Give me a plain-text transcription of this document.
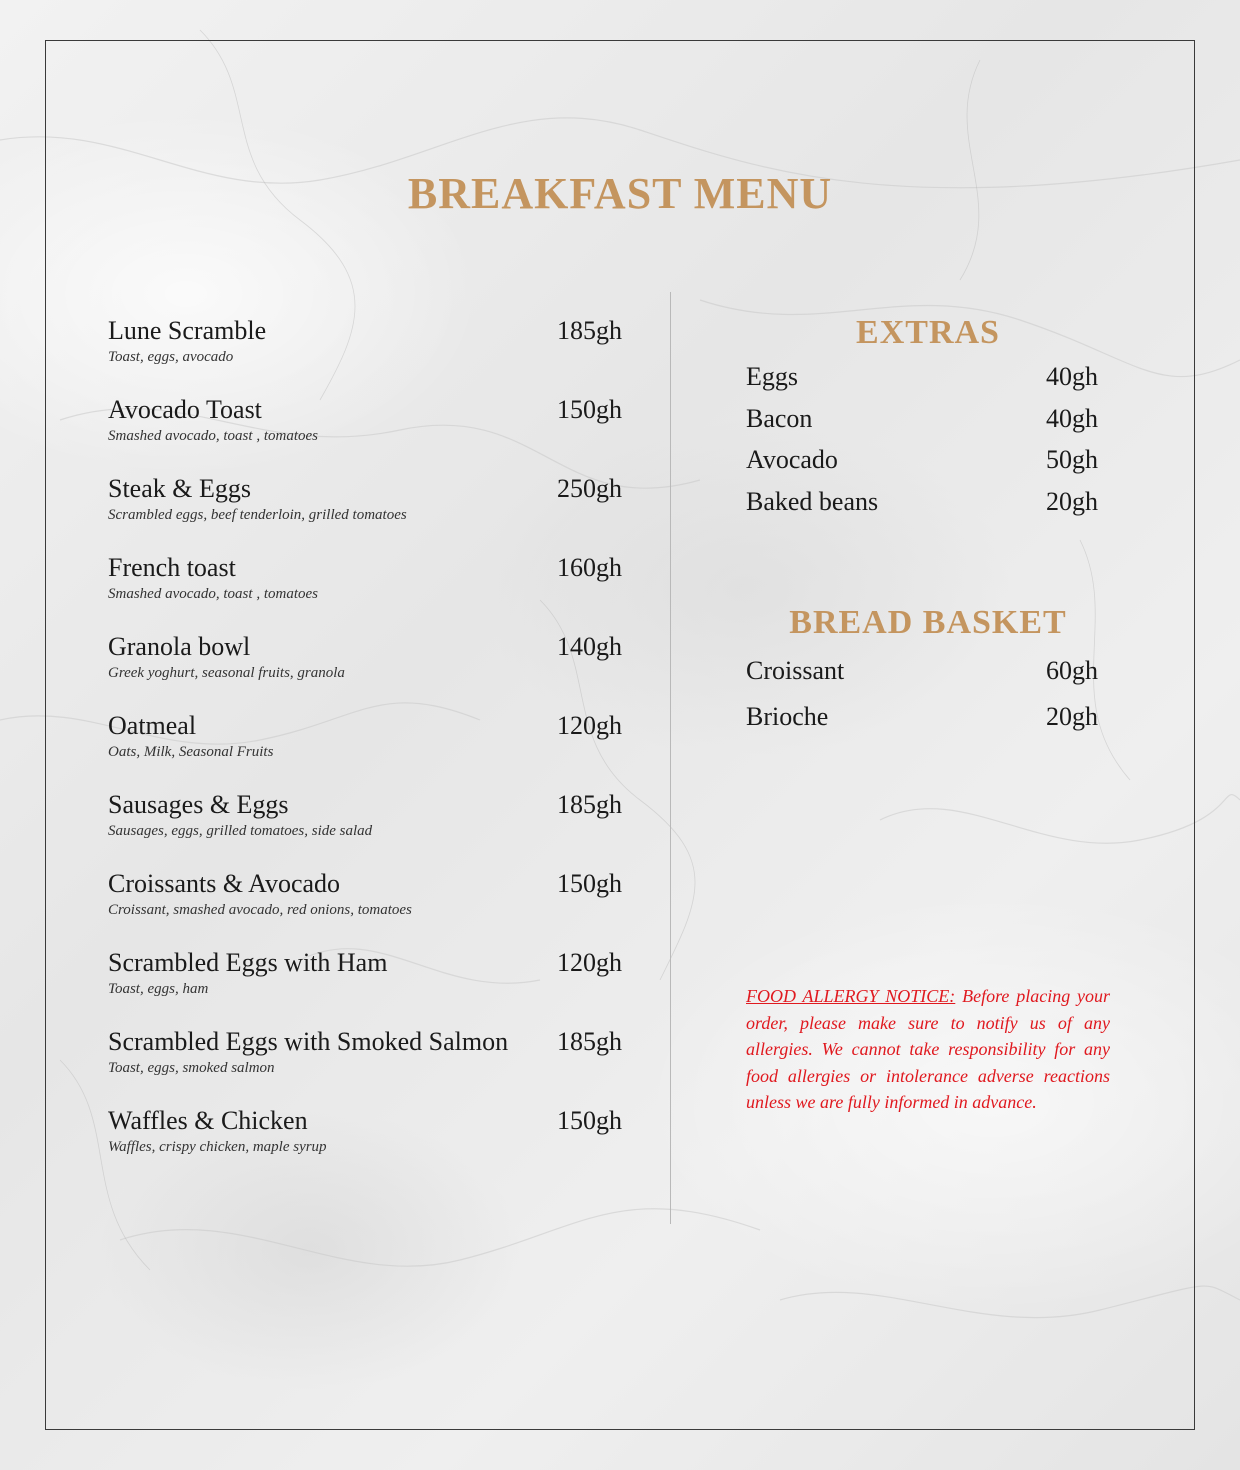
BREAKFAST MENU
Lune Scramble	185gh
Toast, eggs, avocado
Avocado Toast	150gh
Smashed avocado, toast , tomatoes
Steak & Eggs	250gh
Scrambled eggs, beef tenderloin, grilled tomatoes
French toast	160gh
Smashed avocado, toast , tomatoes
Granola bowl	140gh
Greek yoghurt, seasonal fruits, granola
Oatmeal	120gh
Oats, Milk, Seasonal Fruits
Sausages & Eggs	185gh
Sausages, eggs, grilled tomatoes, side salad
Croissants & Avocado	150gh
Croissant, smashed avocado, red onions, tomatoes
Scrambled Eggs with Ham	120gh
Toast, eggs, ham
Scrambled Eggs with Smoked Salmon 185gh
Toast, eggs, smoked salmon
Waffles & Chicken	150gh
Waffles, crispy chicken, maple syrup
EXTRAS
Eggs	40gh
Bacon	40gh
Avocado	50gh
Baked beans	20gh
BREAD BASKET
Croissant	60gh
Brioche	20gh
FOOD ALLERGY NOTICE: Before placing your order, please make sure to notify us of any allergies. We cannot take responsibility for any food allergies or intolerance adverse reactions unless we are fully informed in advance.
